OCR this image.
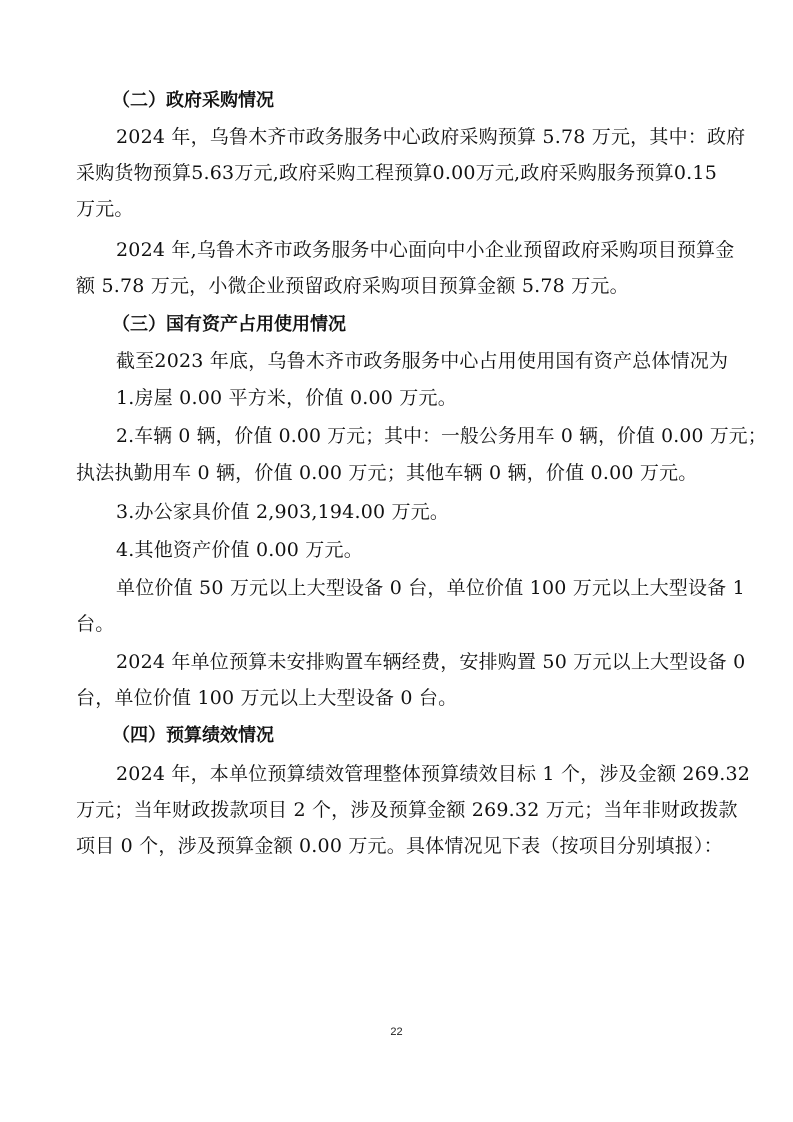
（二）政府采购情况
2024 年，乌鲁木齐市政务服务中心政府采购预算 5.78 万元，其中：政府
采购货物预算5.63万元,政府采购工程预算0.00万元,政府采购服务预算0.15
万元。
2024 年,乌鲁木齐市政务服务中心面向中小企业预留政府采购项目预算金
额 5.78 万元，小微企业预留政府采购项目预算金额 5.78 万元。
（三）国有资产占用使用情况
截至2023 年底，乌鲁木齐市政务服务中心占用使用国有资产总体情况为
1.房屋 0.00 平方米，价值 0.00 万元。
2.车辆 0 辆，价值 0.00 万元；其中：一般公务用车 0 辆，价值 0.00 万元；
执法执勤用车 0 辆，价值 0.00 万元；其他车辆 0 辆，价值 0.00 万元。
3.办公家具价值 2,903,194.00 万元。
4.其他资产价值 0.00 万元。
单位价值 50 万元以上大型设备 0 台，单位价值 100 万元以上大型设备 1
台。
2024 年单位预算未安排购置车辆经费，安排购置 50 万元以上大型设备 0
台，单位价值 100 万元以上大型设备 0 台。
（四）预算绩效情况
2024 年，本单位预算绩效管理整体预算绩效目标 1 个，涉及金额 269.32
万元；当年财政拨款项目 2 个，涉及预算金额 269.32 万元；当年非财政拨款
项目 0 个，涉及预算金额 0.00 万元。具体情况见下表（按项目分别填报）：
22
